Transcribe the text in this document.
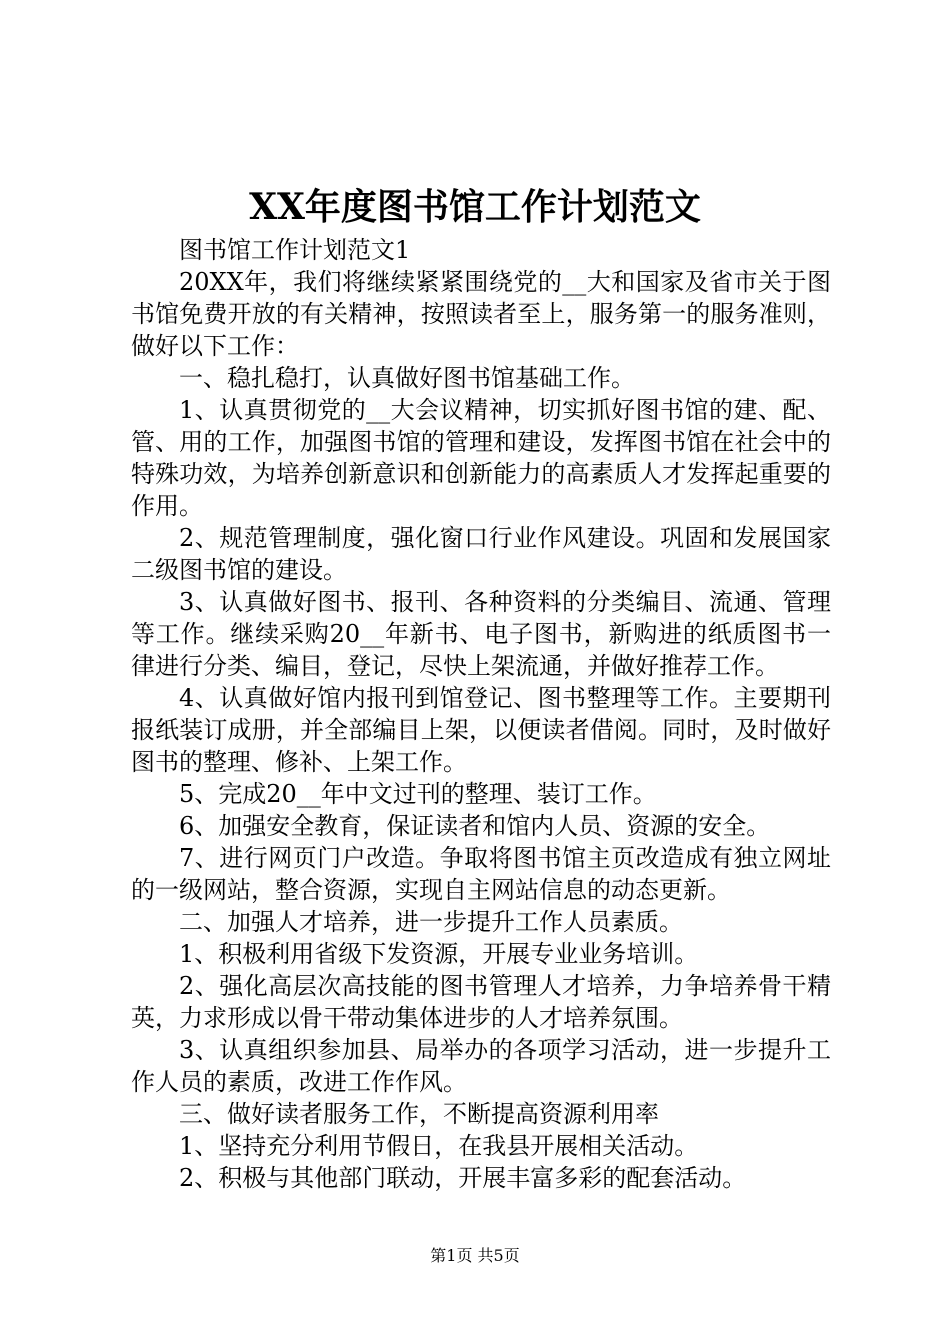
XX年度图书馆工作计划范文

图书馆工作计划范文1

20XX年，我们将继续紧紧围绕党的__大和国家及省市关于图书馆免费开放的有关精神，按照读者至上，服务第一的服务准则，做好以下工作：

一、稳扎稳打，认真做好图书馆基础工作。

1、认真贯彻党的__大会议精神，切实抓好图书馆的建、配、管、用的工作，加强图书馆的管理和建设，发挥图书馆在社会中的特殊功效，为培养创新意识和创新能力的高素质人才发挥起重要的作用。

2、规范管理制度，强化窗口行业作风建设。巩固和发展国家二级图书馆的建设。

3、认真做好图书、报刊、各种资料的分类编目、流通、管理等工作。继续采购20__年新书、电子图书，新购进的纸质图书一律进行分类、编目，登记，尽快上架流通，并做好推荐工作。

4、认真做好馆内报刊到馆登记、图书整理等工作。主要期刊报纸装订成册，并全部编目上架，以便读者借阅。同时，及时做好图书的整理、修补、上架工作。

5、完成20__年中文过刊的整理、装订工作。

6、加强安全教育，保证读者和馆内人员、资源的安全。

7、进行网页门户改造。争取将图书馆主页改造成有独立网址的一级网站，整合资源，实现自主网站信息的动态更新。

二、加强人才培养，进一步提升工作人员素质。

1、积极利用省级下发资源，开展专业业务培训。

2、强化高层次高技能的图书管理人才培养，力争培养骨干精英，力求形成以骨干带动集体进步的人才培养氛围。

3、认真组织参加县、局举办的各项学习活动，进一步提升工作人员的素质，改进工作作风。

三、做好读者服务工作，不断提高资源利用率

1、坚持充分利用节假日，在我县开展相关活动。

2、积极与其他部门联动，开展丰富多彩的配套活动。

第1页 共5页
